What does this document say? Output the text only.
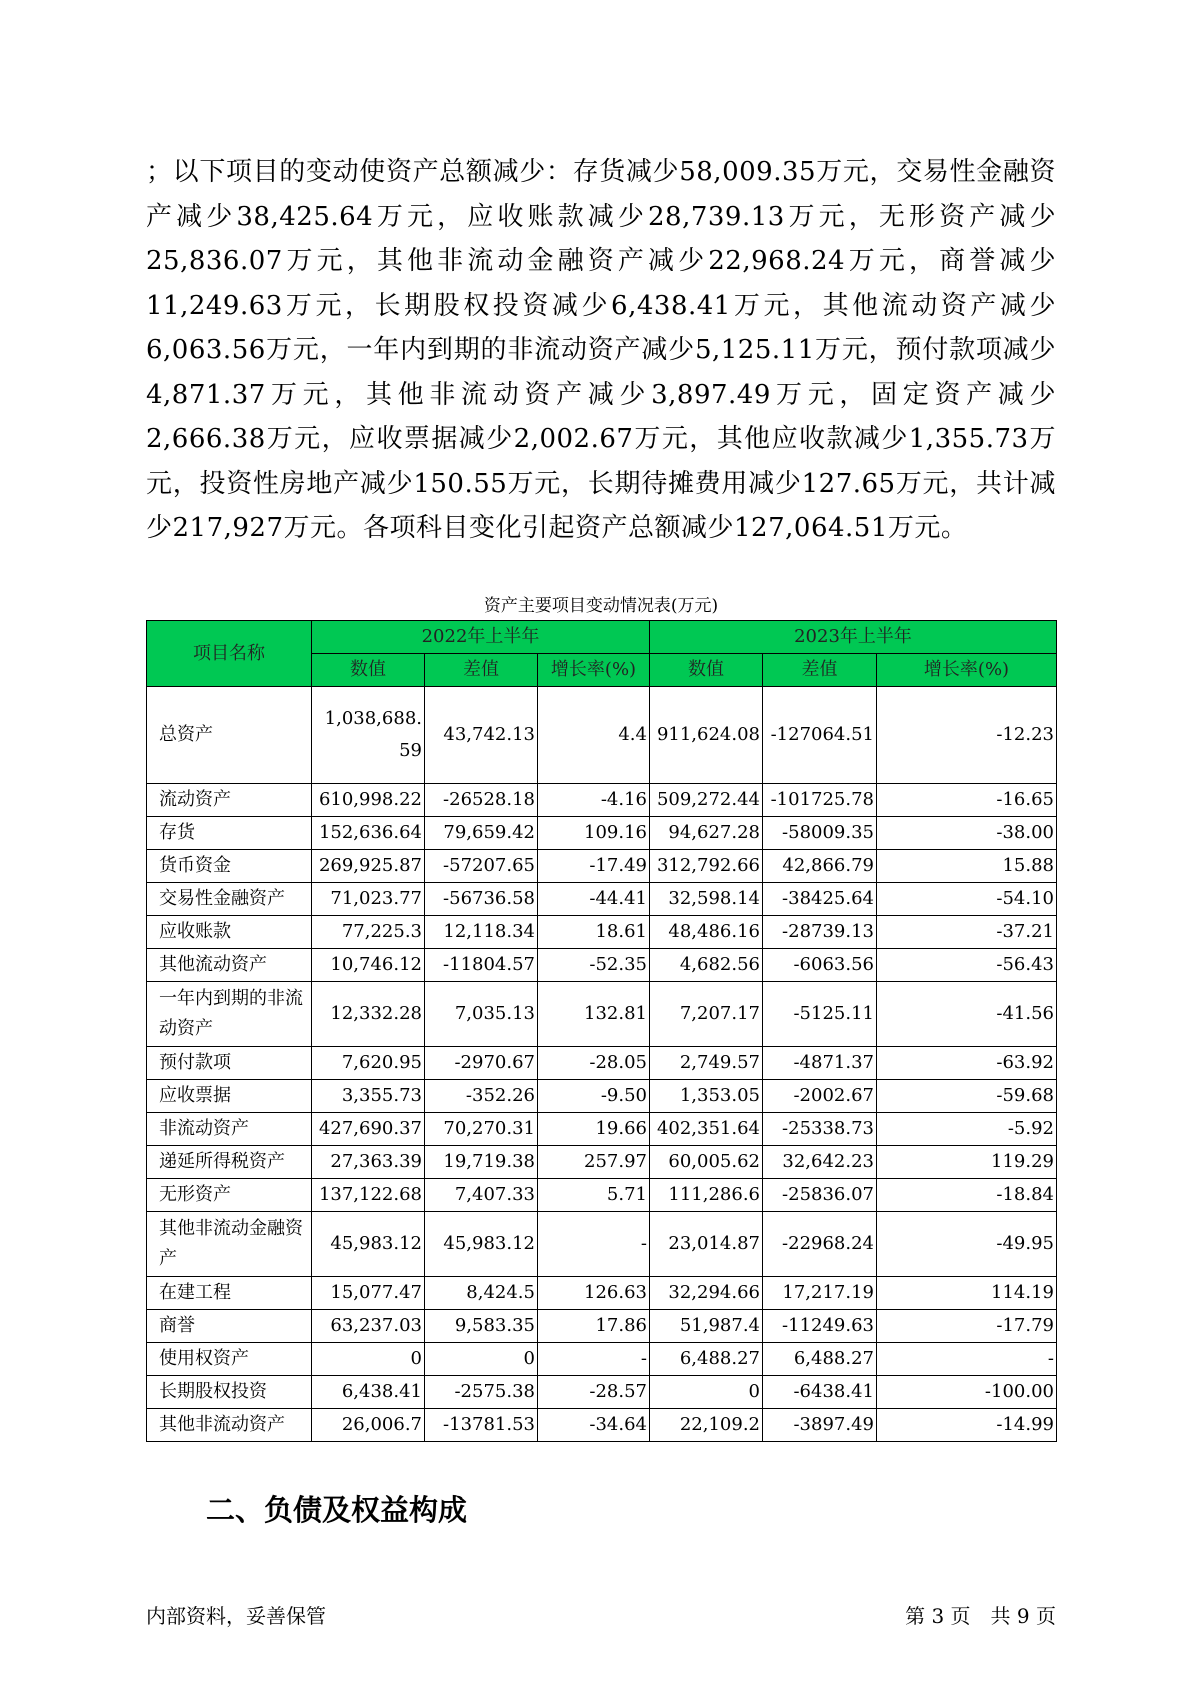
；以下项目的变动使资产总额减少：存货减少58,009.35万元，交易性金融资产减少38,425.64万元，应收账款减少28,739.13万元，无形资产减少25,836.07万元，其他非流动金融资产减少22,968.24万元，商誉减少11,249.63万元，长期股权投资减少6,438.41万元，其他流动资产减少6,063.56万元，一年内到期的非流动资产减少5,125.11万元，预付款项减少4,871.37万元，其他非流动资产减少3,897.49万元，固定资产减少2,666.38万元，应收票据减少2,002.67万元，其他应收款减少1,355.73万元，投资性房地产减少150.55万元，长期待摊费用减少127.65万元，共计减少217,927万元。各项科目变化引起资产总额减少127,064.51万元。

资产主要项目变动情况表(万元)

项目名称	2022年上半年			2023年上半年		
	数值	差值	增长率(%)	数值	差值	增长率(%)
总资产	1,038,688.59	43,742.13	4.4	911,624.08	-127064.51	-12.23
流动资产	610,998.22	-26528.18	-4.16	509,272.44	-101725.78	-16.65
存货	152,636.64	79,659.42	109.16	94,627.28	-58009.35	-38.00
货币资金	269,925.87	-57207.65	-17.49	312,792.66	42,866.79	15.88
交易性金融资产	71,023.77	-56736.58	-44.41	32,598.14	-38425.64	-54.10
应收账款	77,225.3	12,118.34	18.61	48,486.16	-28739.13	-37.21
其他流动资产	10,746.12	-11804.57	-52.35	4,682.56	-6063.56	-56.43
一年内到期的非流动资产	12,332.28	7,035.13	132.81	7,207.17	-5125.11	-41.56
预付款项	7,620.95	-2970.67	-28.05	2,749.57	-4871.37	-63.92
应收票据	3,355.73	-352.26	-9.50	1,353.05	-2002.67	-59.68
非流动资产	427,690.37	70,270.31	19.66	402,351.64	-25338.73	-5.92
递延所得税资产	27,363.39	19,719.38	257.97	60,005.62	32,642.23	119.29
无形资产	137,122.68	7,407.33	5.71	111,286.6	-25836.07	-18.84
其他非流动金融资产	45,983.12	45,983.12	-	23,014.87	-22968.24	-49.95
在建工程	15,077.47	8,424.5	126.63	32,294.66	17,217.19	114.19
商誉	63,237.03	9,583.35	17.86	51,987.4	-11249.63	-17.79
使用权资产	0	0	-	6,488.27	6,488.27	-
长期股权投资	6,438.41	-2575.38	-28.57	0	-6438.41	-100.00
其他非流动资产	26,006.7	-13781.53	-34.64	22,109.2	-3897.49	-14.99
二、负债及权益构成

内部资料，妥善保管	第 3 页　共 9 页
